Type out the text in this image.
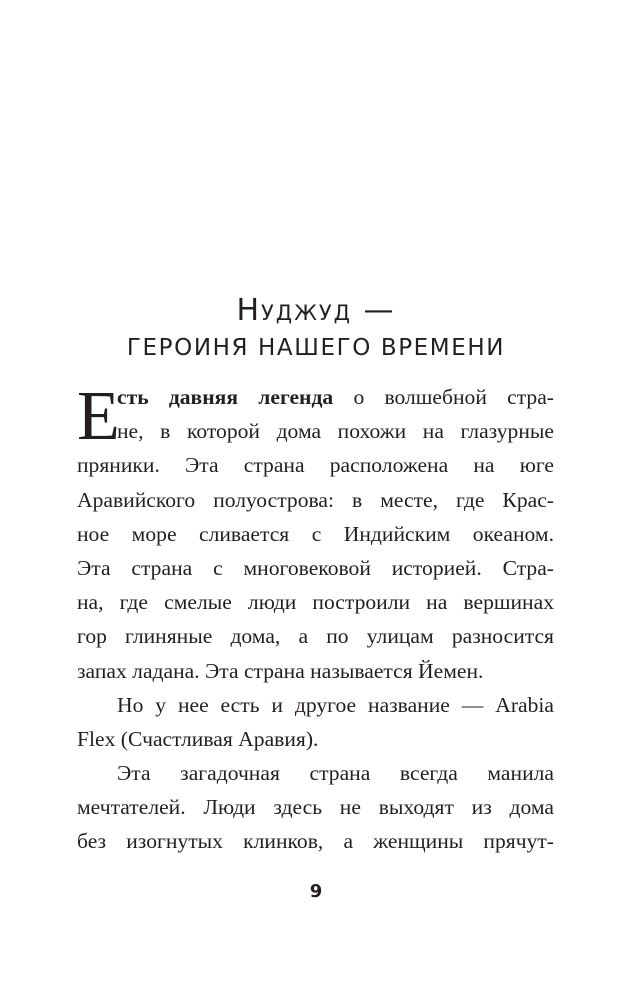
Нуджуд —
ГЕРОИНЯ НАШЕГО ВРЕМЕНИ
Е
сть давняя легенда о волшебной стра-
не, в которой дома похожи на глазурные
пряники. Эта страна расположена на юге
Аравийского полуострова: в месте, где Крас-
ное море сливается с Индийским океаном.
Эта страна с многовековой историей. Стра-
на, где смелые люди построили на вершинах
гор глиняные дома, а по улицам разносится
запах ладана. Эта страна называется Йемен.
Но у нее есть и другое название — Arabia
Flex (Счастливая Аравия).
Эта загадочная страна всегда манила
мечтателей. Люди здесь не выходят из дома
без изогнутых клинков, а женщины прячут-
9
